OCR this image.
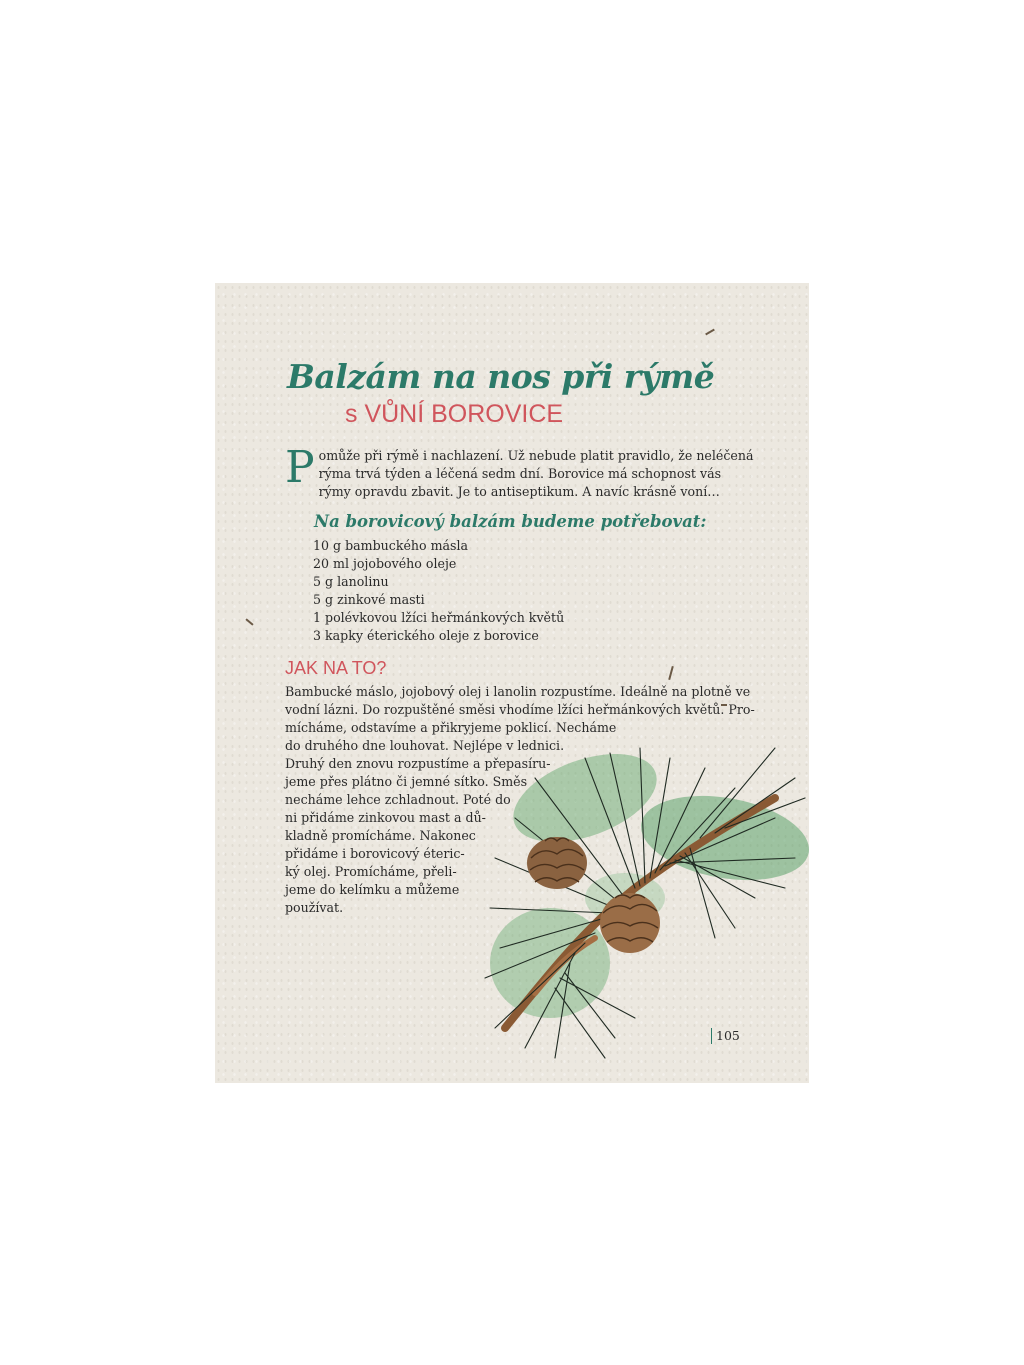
Balzám na nos při rýmě
s VŮNÍ BOROVICE

Pomůže při rýmě i nachlazení. Už nebude platit pravidlo, že neléčená rýma trvá týden a léčená sedm dní. Borovice má schopnost vás rýmy opravdu zbavit. Je to antiseptikum. A navíc krásně voní…

Na borovicový balzám budeme potřebovat:
10 g bambuckého másla
20 ml jojobového oleje
5 g lanolinu
5 g zinkové masti
1 polévkovou lžíci heřmánkových květů
3 kapky éterického oleje z borovice
JAK NA TO?
Bambucké máslo, jojobový olej i lanolin rozpustíme. Ideálně na plotně ve
vodní lázni. Do rozpuštěné směsi vhodíme lžíci heřmánkových květů. Pro-
mícháme, odstavíme a přikryjeme poklicí. Necháme
do druhého dne louhovat. Nejlépe v lednici.
Druhý den znovu rozpustíme a přepasíru-
jeme přes plátno či jemné sítko. Směs
necháme lehce zchladnout. Poté do
ni přidáme zinkovou mast a dů-
kladně promícháme. Nakonec
přidáme i borovicový éteric-
ký olej. Promícháme, přeli-
jeme do kelímku a můžeme
používat.
105
